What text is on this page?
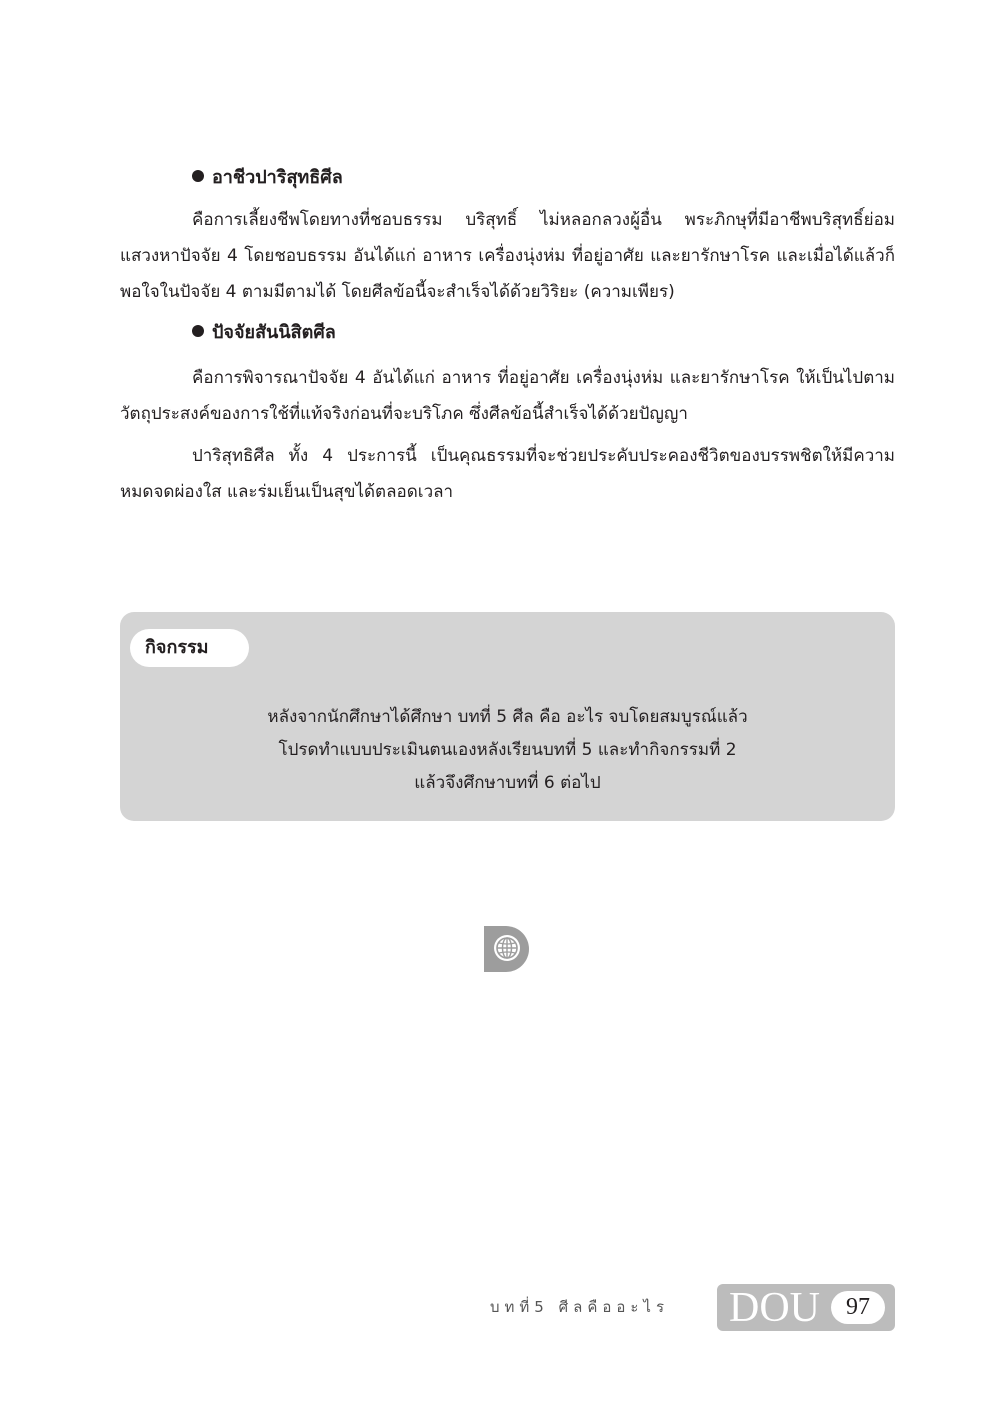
อาชีวปาริสุทธิศีล
คือการเลี้ยงชีพโดยทางที่ชอบธรรม บริสุทธิ์ ไม่หลอกลวงผู้อื่น พระภิกษุที่มีอาชีพบริสุทธิ์ย่อมแสวงหาปัจจัย 4 โดยชอบธรรม อันได้แก่ อาหาร เครื่องนุ่งห่ม ที่อยู่อาศัย และยารักษาโรค และเมื่อได้แล้วก็พอใจในปัจจัย 4 ตามมีตามได้ โดยศีลข้อนี้จะสำเร็จได้ด้วยวิริยะ (ความเพียร)
ปัจจัยสันนิสิตศีล
คือการพิจารณาปัจจัย 4 อันได้แก่ อาหาร ที่อยู่อาศัย เครื่องนุ่งห่ม และยารักษาโรค ให้เป็นไปตามวัตถุประสงค์ของการใช้ที่แท้จริงก่อนที่จะบริโภค ซึ่งศีลข้อนี้สำเร็จได้ด้วยปัญญา
ปาริสุทธิศีล ทั้ง 4 ประการนี้ เป็นคุณธรรมที่จะช่วยประคับประคองชีวิตของบรรพชิตให้มีความหมดจดผ่องใส และร่มเย็นเป็นสุขได้ตลอดเวลา
กิจกรรม
หลังจากนักศึกษาได้ศึกษา บทที่ 5 ศีล คือ อะไร จบโดยสมบูรณ์แล้ว
โปรดทำแบบประเมินตนเองหลังเรียนบทที่ 5 และทำกิจกรรมที่ 2
แล้วจึงศึกษาบทที่ 6 ต่อไป
บทที่5 ศีลคืออะไร DOU	97
